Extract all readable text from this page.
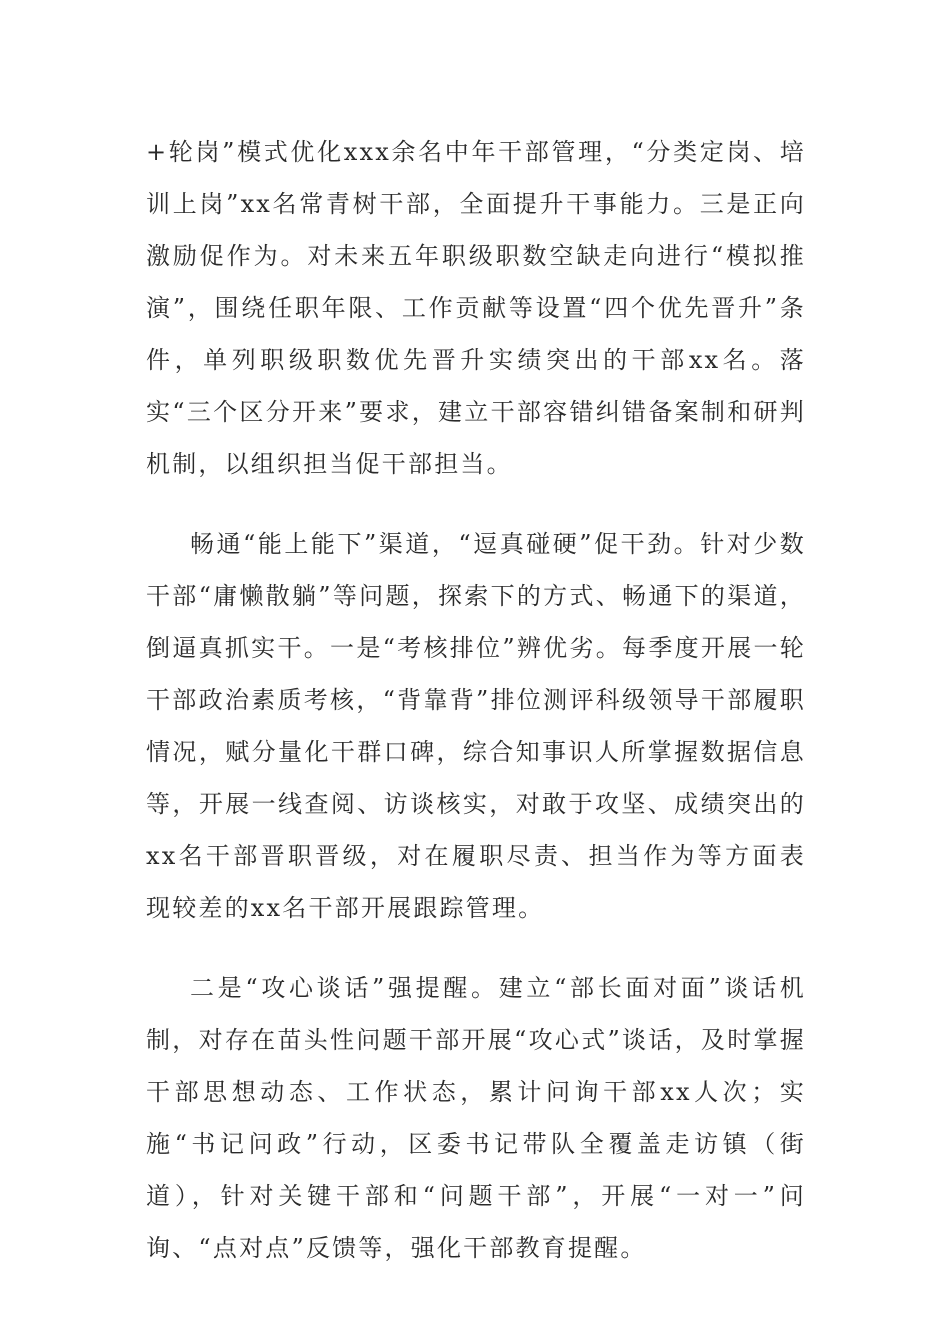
+轮岗”模式优化xxx余名中年干部管理，“分类定岗、培训上岗”xx名常青树干部，全面提升干事能力。三是正向激励促作为。对未来五年职级职数空缺走向进行“模拟推演”，围绕任职年限、工作贡献等设置“四个优先晋升”条件，单列职级职数优先晋升实绩突出的干部xx名。落实“三个区分开来”要求，建立干部容错纠错备案制和研判机制，以组织担当促干部担当。

畅通“能上能下”渠道，“逗真碰硬”促干劲。针对少数干部“庸懒散躺”等问题，探索下的方式、畅通下的渠道，倒逼真抓实干。一是“考核排位”辨优劣。每季度开展一轮干部政治素质考核，“背靠背”排位测评科级领导干部履职情况，赋分量化干群口碑，综合知事识人所掌握数据信息等，开展一线查阅、访谈核实，对敢于攻坚、成绩突出的xx名干部晋职晋级，对在履职尽责、担当作为等方面表现较差的xx名干部开展跟踪管理。

二是“攻心谈话”强提醒。建立“部长面对面”谈话机制，对存在苗头性问题干部开展“攻心式”谈话，及时掌握干部思想动态、工作状态，累计问询干部xx人次；实施“书记问政”行动，区委书记带队全覆盖走访镇（街道），针对关键干部和“问题干部”，开展“一对一”问询、“点对点”反馈等，强化干部教育提醒。
